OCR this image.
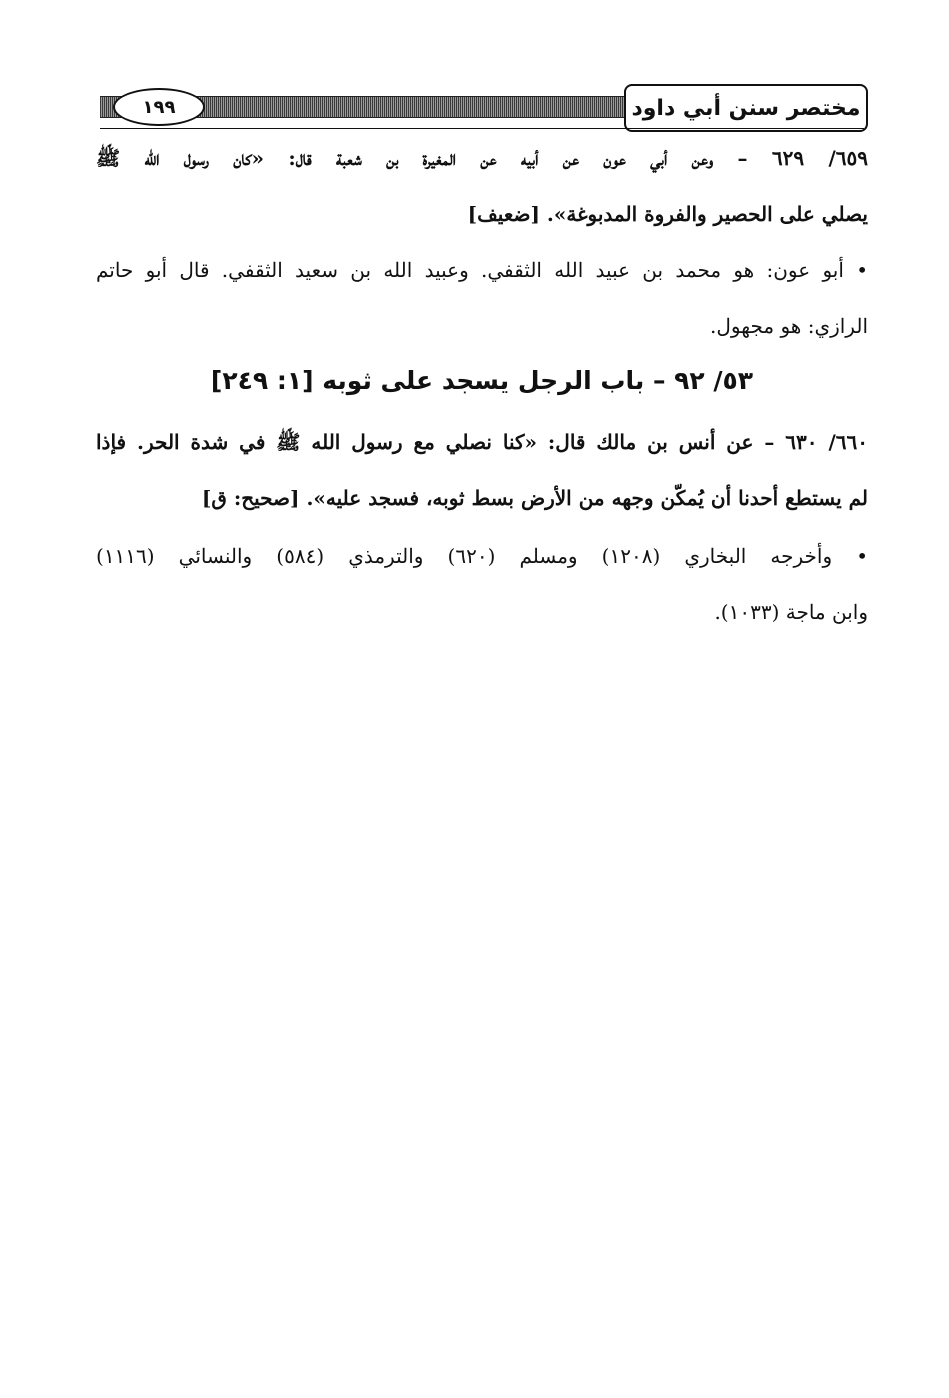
١٩٩	مختصر سنن أبي داود
٦٥٩/ ٦٢٩ – وعن أبي عون عن أبيه عن المغيرة بن شعبة قال: «كان رسول الله ﷺ
يصلي على الحصير والفروة المدبوغة». [ضعيف]
• أبو عون: هو محمد بن عبيد الله الثقفي. وعبيد الله بن سعيد الثقفي. قال أبو حاتم
الرازي: هو مجهول.
٥٣/ ٩٢ – باب الرجل يسجد على ثوبه [١: ٢٤٩]
٦٦٠/ ٦٣٠ – عن أنس بن مالك قال: «كنا نصلي مع رسول الله ﷺ في شدة الحر. فإذا
لم يستطع أحدنا أن يُمكّن وجهه من الأرض بسط ثوبه، فسجد عليه». [صحيح: ق]
• وأخرجه البخاري (١٢٠٨) ومسلم (٦٢٠) والترمذي (٥٨٤) والنسائي (١١١٦)
وابن ماجة (١٠٣٣).
